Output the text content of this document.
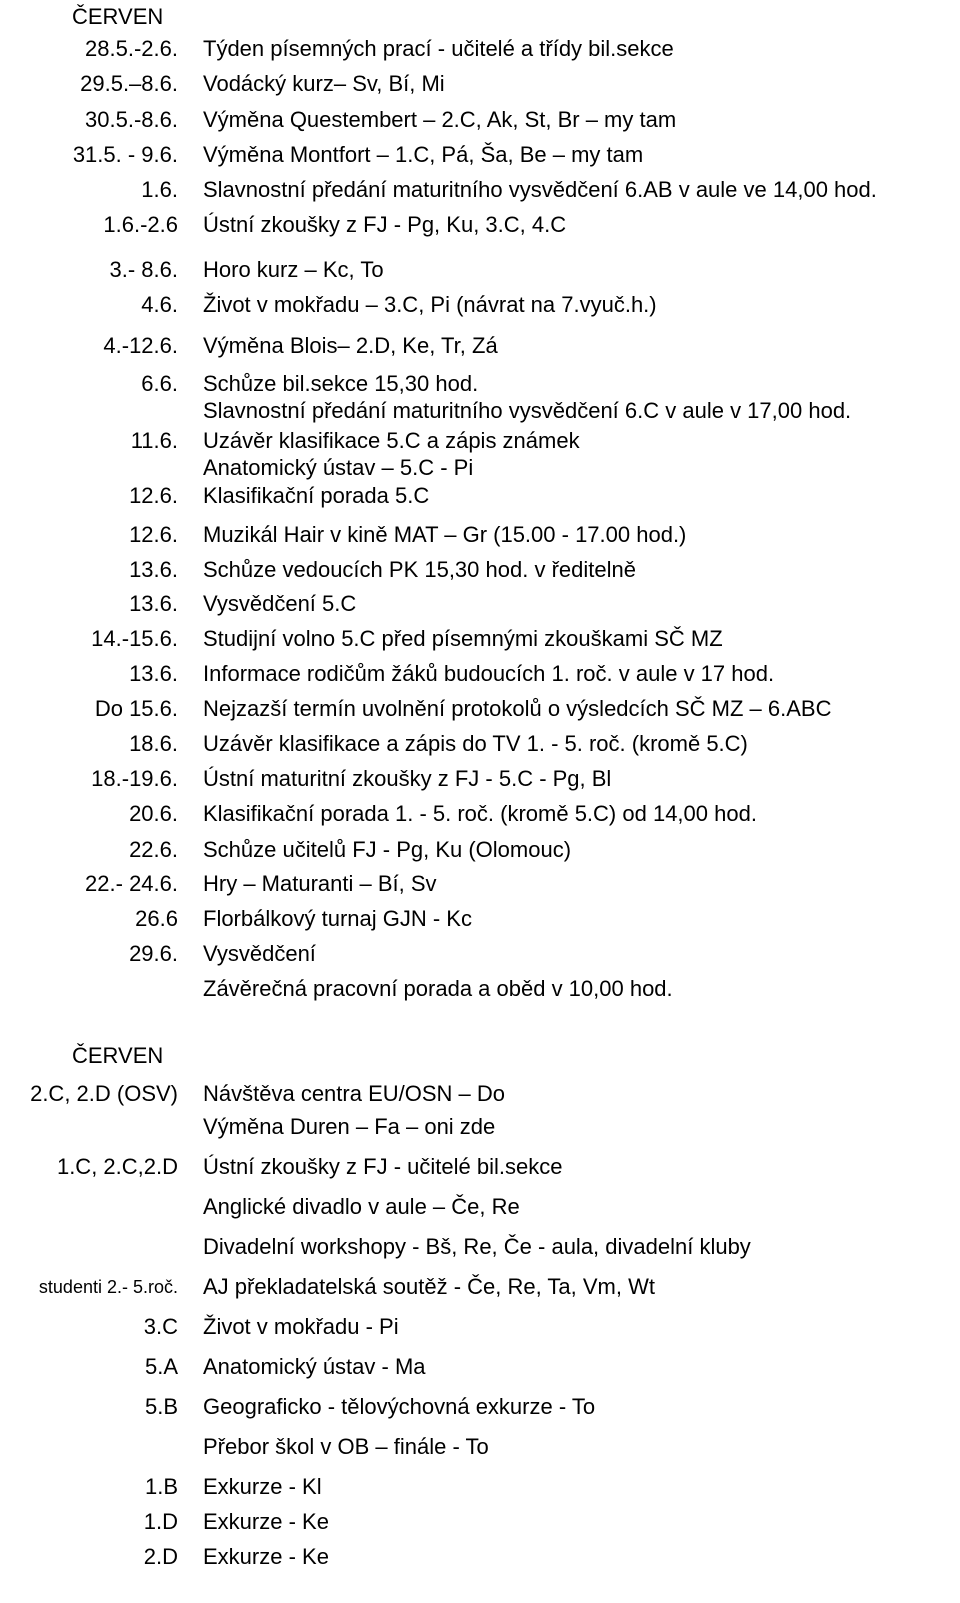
ČERVEN
28.5.-2.6. Týden písemných prací - učitelé a třídy bil.sekce
29.5.–8.6. Vodácký kurz– Sv, Bí, Mi
30.5.-8.6. Výměna Questembert – 2.C, Ak, St, Br – my tam
31.5. - 9.6. Výměna Montfort – 1.C, Pá, Ša, Be – my tam
1.6. Slavnostní předání maturitního vysvědčení 6.AB v aule ve 14,00 hod.
1.6.-2.6 Ústní zkoušky z FJ - Pg, Ku, 3.C, 4.C
3.- 8.6. Horo kurz – Kc, To
4.6. Život v mokřadu – 3.C, Pi (návrat na 7.vyuč.h.)
4.-12.6. Výměna Blois– 2.D, Ke, Tr, Zá
6.6. Schůze bil.sekce 15,30 hod.
Slavnostní předání maturitního vysvědčení 6.C v aule v 17,00 hod.
11.6. Uzávěr klasifikace 5.C a zápis známek
Anatomický ústav – 5.C - Pi
12.6. Klasifikační porada 5.C
12.6. Muzikál Hair v kině MAT – Gr (15.00 - 17.00 hod.)
13.6. Schůze vedoucích PK 15,30 hod. v ředitelně
13.6. Vysvědčení 5.C
14.-15.6. Studijní volno 5.C před písemnými zkouškami SČ MZ
13.6. Informace rodičům žáků budoucích 1. roč. v aule v 17 hod.
Do 15.6. Nejzazší termín uvolnění protokolů o výsledcích SČ MZ – 6.ABC
18.6. Uzávěr klasifikace a zápis do TV 1. - 5. roč. (kromě 5.C)
18.-19.6. Ústní maturitní zkoušky z FJ - 5.C - Pg, Bl
20.6. Klasifikační porada 1. - 5. roč. (kromě 5.C) od 14,00 hod.
22.6. Schůze učitelů FJ - Pg, Ku (Olomouc)
22.- 24.6. Hry – Maturanti – Bí, Sv
26.6 Florbálkový turnaj GJN - Kc
29.6. Vysvědčení
Závěrečná pracovní porada a oběd v 10,00 hod.
ČERVEN
2.C, 2.D (OSV) Návštěva centra EU/OSN – Do
Výměna Duren – Fa – oni zde
1.C, 2.C,2.D Ústní zkoušky z FJ - učitelé bil.sekce
Anglické divadlo v aule – Če, Re
Divadelní workshopy - Bš, Re, Če - aula, divadelní kluby
studenti 2.- 5.roč. AJ překladatelská soutěž - Če, Re, Ta, Vm, Wt
3.C Život v mokřadu - Pi
5.A Anatomický ústav - Ma
5.B Geograficko - tělovýchovná exkurze - To
Přebor škol v OB – finále - To
1.B Exkurze - Kl
1.D Exkurze - Ke
2.D Exkurze - Ke
